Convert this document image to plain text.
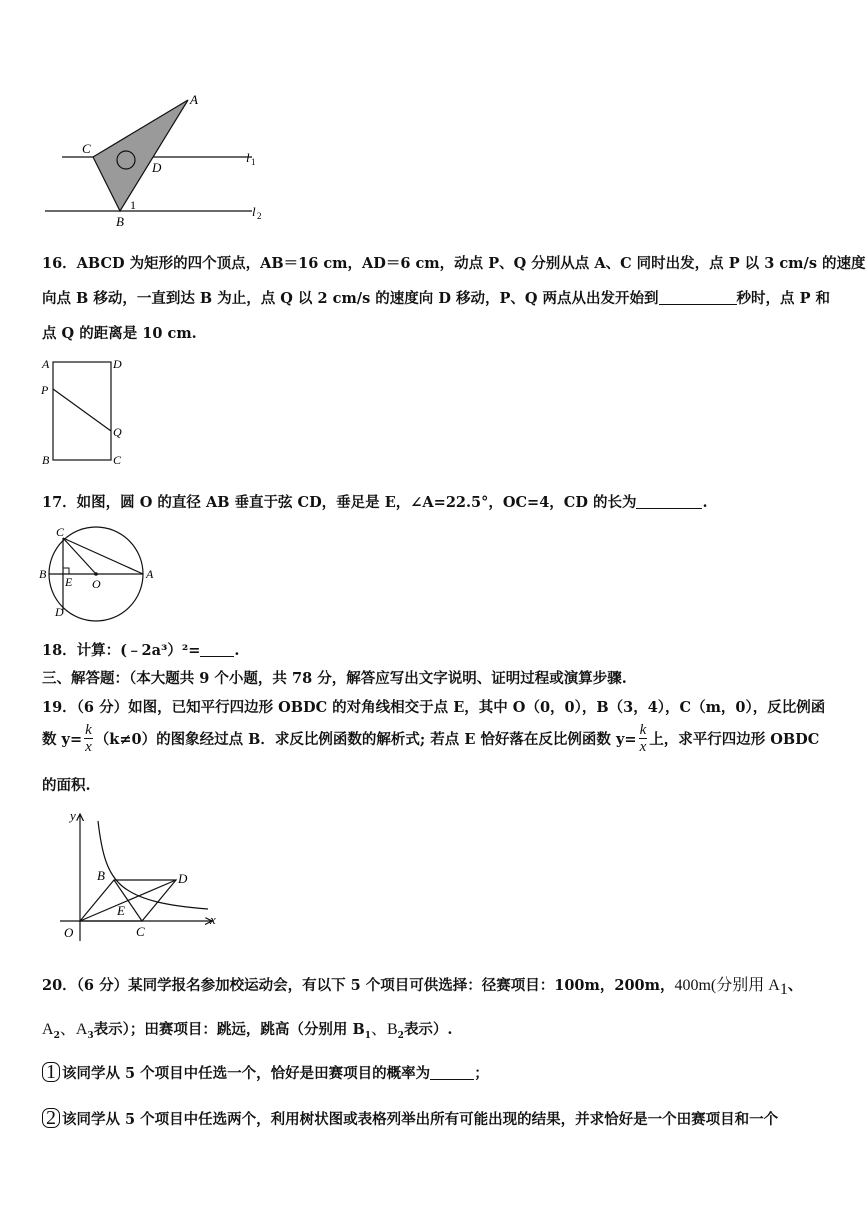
A
C
D
B
1
l 1
l 2
16．ABCD 为矩形的四个顶点，AB＝16 cm，AD＝6 cm，动点 P、Q 分别从点 A、C 同时出发，点 P 以 3 cm/s 的速度
向点 B 移动，一直到达 B 为止，点 Q 以 2 cm/s 的速度向 D 移动，P、Q 两点从出发开始到	秒时，点 P 和
点 Q 的距离是 10 cm.
A	D
P
Q
B	C
17．如图，圆 O 的直径 AB 垂直于弦 CD，垂足是 E，∠A=22.5°，OC=4，CD 的长为	.
C
B
E O
A
D
18．计算：(﹣2a³）²= .
三、解答题：（本大题共 9 个小题，共 78 分，解答应写出文字说明、证明过程或演算步骤.
19．（6 分）如图，已知平行四边形 OBDC 的对角线相交于点 E，其中 O（0，0），B（3，4），C（m，0），反比例函
数 $y= \frac{k}{x} (k\ne 0)$的图象经过点 B．求反比例函数的解析式; 若点 E 恰好落在反比例函数 $y= \frac{k}{x}$ 上，求平行四边形 OBDC
的面积.
y
x
B	D
E
O	C
20．（6 分）某同学报名参加校运动会，有以下 5 个项目可供选择：径赛项目：100m，200m，400m(分别用 $A_1$、
$A_2$、$A_3$表示）；田赛项目：跳远，跳高（分别用 $B_1$、$B_2$表示）.
1 该同学从 5 个项目中任选一个，恰好是田赛项目的概率为	；
2 该同学从 5 个项目中任选两个，利用树状图或表格列举出所有可能出现的结果，并求恰好是一个田赛项目和一个
